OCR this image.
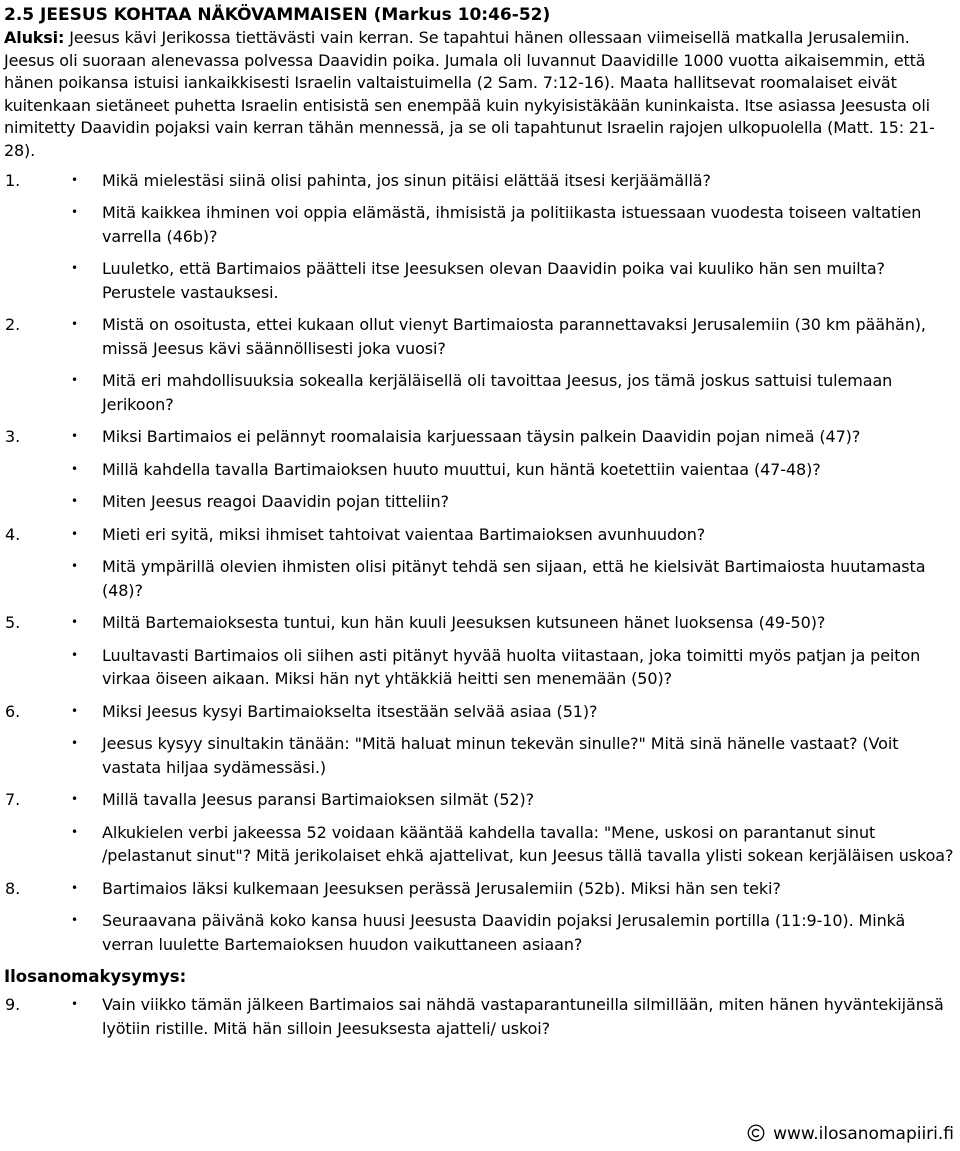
2.5 JEESUS KOHTAA NÄKÖVAMMAISEN (Markus 10:46-52)

Aluksi: Jeesus kävi Jerikossa tiettävästi vain kerran. Se tapahtui hänen ollessaan viimeisellä matkalla Jerusalemiin. Jeesus oli suoraan alenevassa polvessa Daavidin poika. Jumala oli luvannut Daavidille 1000 vuotta aikaisemmin, että hänen poikansa istuisi iankaikkisesti Israelin valtaistuimella (2 Sam. 7:12-16). Maata hallitsevat roomalaiset eivät kuitenkaan sietäneet puhetta Israelin entisistä sen enempää kuin nykyisistäkään kuninkaista. Itse asiassa Jeesusta oli nimitetty Daavidin pojaksi vain kerran tähän mennessä, ja se oli tapahtunut Israelin rajojen ulkopuolella (Matt. 15: 21-28).

1.	•	Mikä mielestäsi siinä olisi pahinta, jos sinun pitäisi elättää itsesi kerjäämällä?
•	Mitä kaikkea ihminen voi oppia elämästä, ihmisistä ja politiikasta istuessaan vuodesta toiseen valtatien varrella (46b)?
•	Luuletko, että Bartimaios päätteli itse Jeesuksen olevan Daavidin poika vai kuuliko hän sen muilta? Perustele vastauksesi.
2.	•	Mistä on osoitusta, ettei kukaan ollut vienyt Bartimaiosta parannettavaksi Jerusalemiin (30 km päähän), missä Jeesus kävi säännöllisesti joka vuosi?
•	Mitä eri mahdollisuuksia sokealla kerjäläisellä oli tavoittaa Jeesus, jos tämä joskus sattuisi tulemaan Jerikoon?
3.	•	Miksi Bartimaios ei pelännyt roomalaisia karjuessaan täysin palkein Daavidin pojan nimeä (47)?
•	Millä kahdella tavalla Bartimaioksen huuto muuttui, kun häntä koetettiin vaientaa (47-48)?
•	Miten Jeesus reagoi Daavidin pojan titteliin?
4.	•	Mieti eri syitä, miksi ihmiset tahtoivat vaientaa Bartimaioksen avunhuudon?
•	Mitä ympärillä olevien ihmisten olisi pitänyt tehdä sen sijaan, että he kielsivät Bartimaiosta huutamasta (48)?
5.	•	Miltä Bartemaioksesta tuntui, kun hän kuuli Jeesuksen kutsuneen hänet luoksensa (49-50)?
•	Luultavasti Bartimaios oli siihen asti pitänyt hyvää huolta viitastaan, joka toimitti myös patjan ja peiton virkaa öiseen aikaan. Miksi hän nyt yhtäkkiä heitti sen menemään (50)?
6.	•	Miksi Jeesus kysyi Bartimaiokselta itsestään selvää asiaa (51)?
•	Jeesus kysyy sinultakin tänään: "Mitä haluat minun tekevän sinulle?" Mitä sinä hänelle vastaat? (Voit vastata hiljaa sydämessäsi.)
7.	•	Millä tavalla Jeesus paransi Bartimaioksen silmät (52)?
•	Alkukielen verbi jakeessa 52 voidaan kääntää kahdella tavalla: "Mene, uskosi on parantanut sinut /pelastanut sinut"? Mitä jerikolaiset ehkä ajattelivat, kun Jeesus tällä tavalla ylisti sokean kerjäläisen uskoa?
8.	•	Bartimaios läksi kulkemaan Jeesuksen perässä Jerusalemiin (52b). Miksi hän sen teki?
•	Seuraavana päivänä koko kansa huusi Jeesusta Daavidin pojaksi Jerusalemin portilla (11:9-10). Minkä verran luulette Bartemaioksen huudon vaikuttaneen asiaan?
Ilosanomakysymys:
9.	•	Vain viikko tämän jälkeen Bartimaios sai nähdä vastaparantuneilla silmillään, miten hänen hyväntekijänsä lyötiin ristille. Mitä hän silloin Jeesuksesta ajatteli/ uskoi?
www.ilosanomapiiri.fi
